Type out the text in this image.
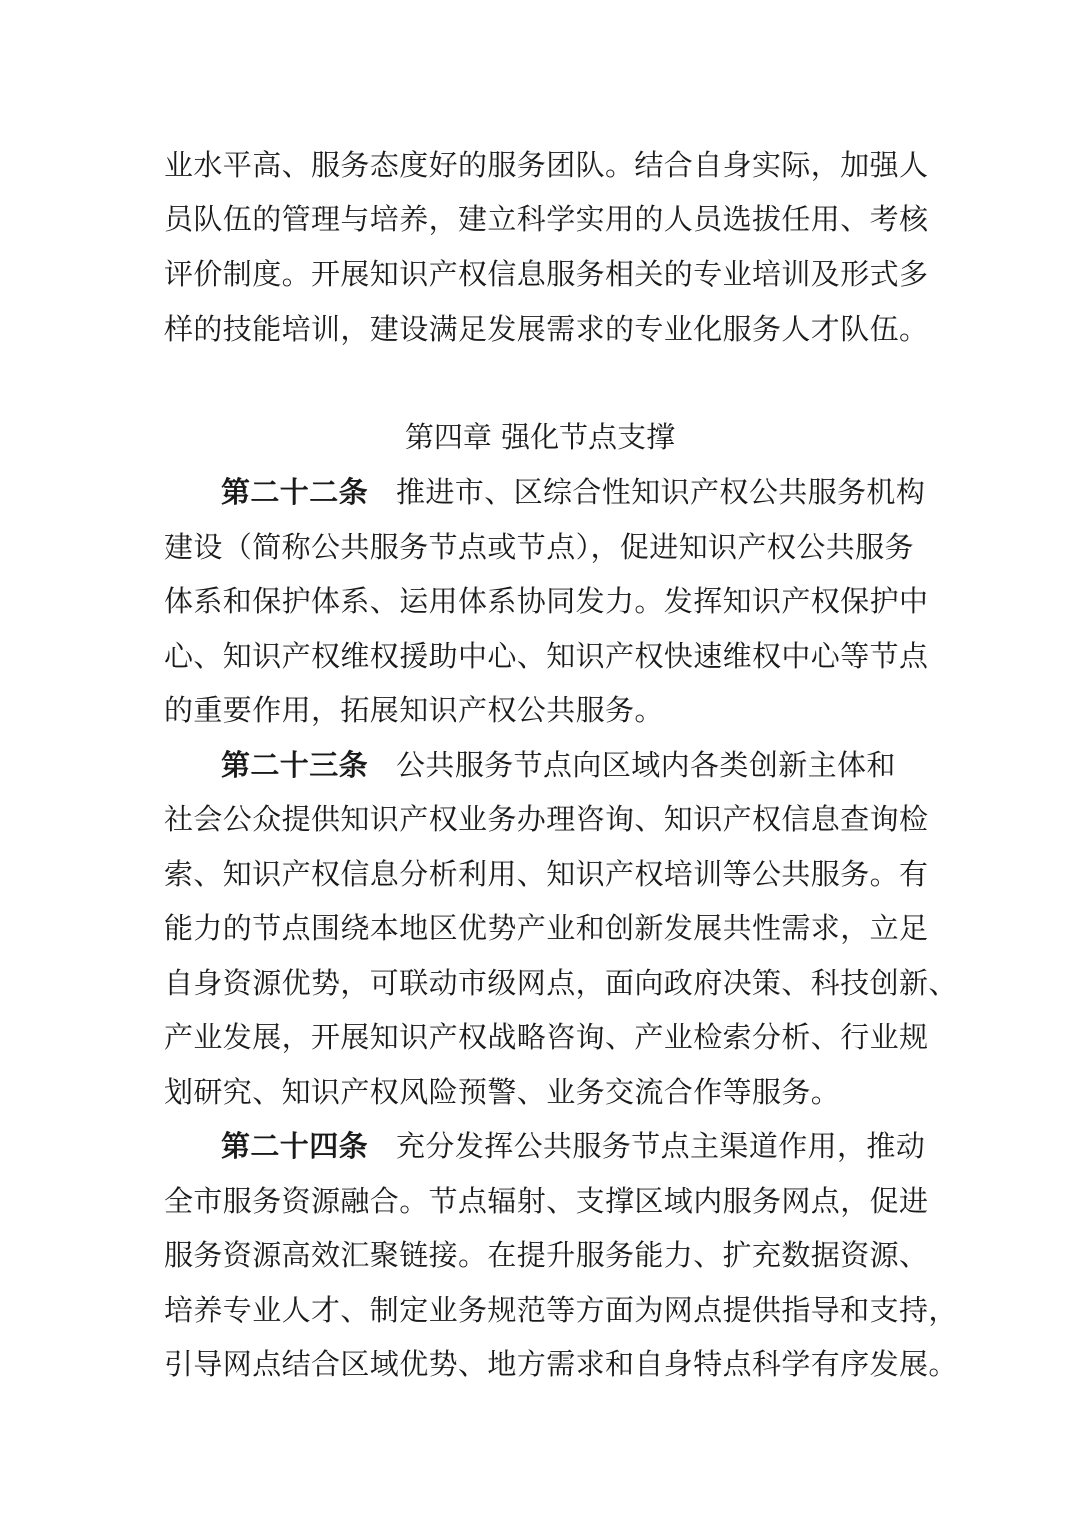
业水平高、服务态度好的服务团队。结合自身实际，加强人
员队伍的管理与培养，建立科学实用的人员选拔任用、考核
评价制度。开展知识产权信息服务相关的专业培训及形式多
样的技能培训，建设满足发展需求的专业化服务人才队伍。
第四章 强化节点支撑
第二十二条 推进市、区综合性知识产权公共服务机构
建设（简称公共服务节点或节点），促进知识产权公共服务
体系和保护体系、运用体系协同发力。发挥知识产权保护中
心、知识产权维权援助中心、知识产权快速维权中心等节点
的重要作用，拓展知识产权公共服务。
第二十三条 公共服务节点向区域内各类创新主体和
社会公众提供知识产权业务办理咨询、知识产权信息查询检
索、知识产权信息分析利用、知识产权培训等公共服务。有
能力的节点围绕本地区优势产业和创新发展共性需求，立足
自身资源优势，可联动市级网点，面向政府决策、科技创新、
产业发展，开展知识产权战略咨询、产业检索分析、行业规
划研究、知识产权风险预警、业务交流合作等服务。
第二十四条 充分发挥公共服务节点主渠道作用，推动
全市服务资源融合。节点辐射、支撑区域内服务网点，促进
服务资源高效汇聚链接。在提升服务能力、扩充数据资源、
培养专业人才、制定业务规范等方面为网点提供指导和支持，
引导网点结合区域优势、地方需求和自身特点科学有序发展。
